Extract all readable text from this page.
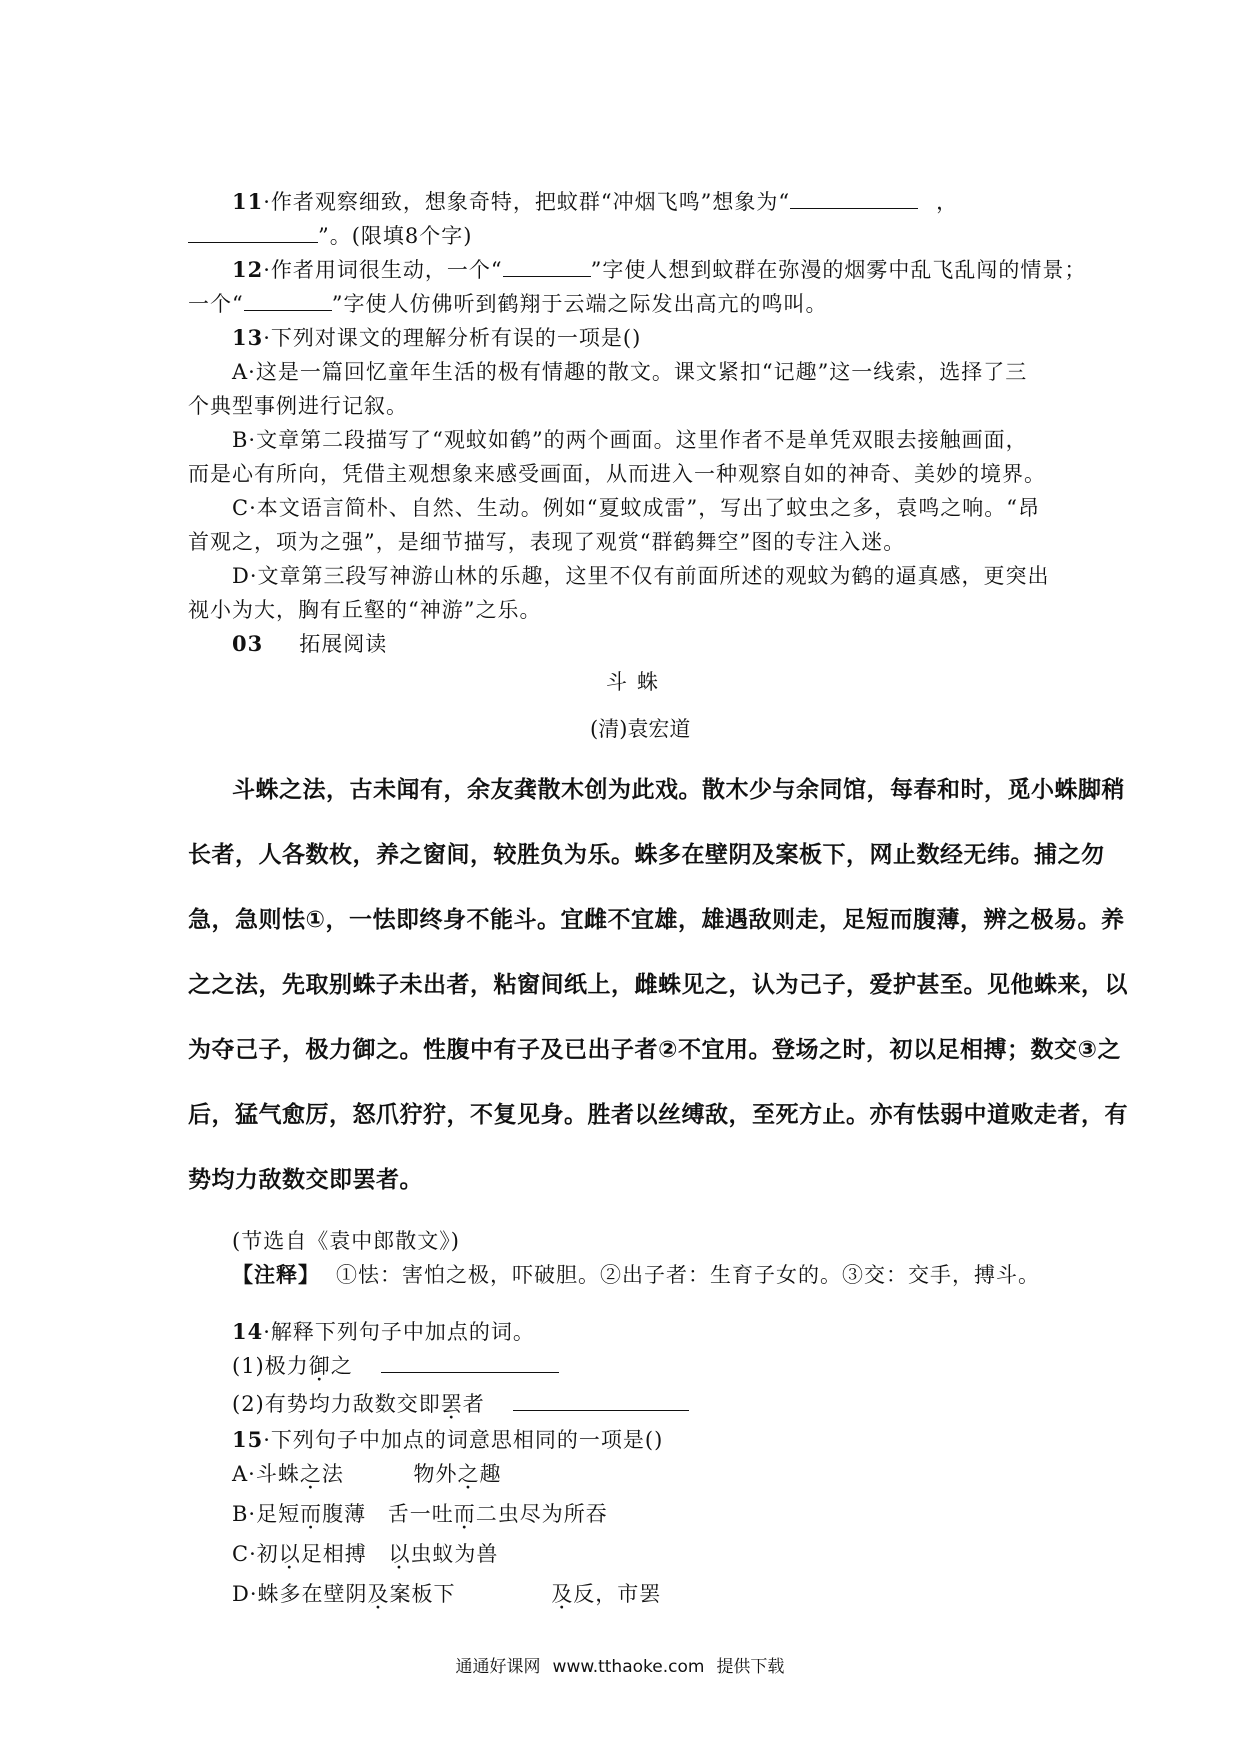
11·作者观察细致，想象奇特，把蚊群“冲烟飞鸣”想象为“	，
”。(限填8个字)
12·作者用词很生动，一个“	”字使人想到蚊群在弥漫的烟雾中乱飞乱闯的情景；
一个“	”字使人仿佛听到鹤翔于云端之际发出高亢的鸣叫。
13·下列对课文的理解分析有误的一项是()
A·这是一篇回忆童年生活的极有情趣的散文。课文紧扣“记趣”这一线索，选择了三
个典型事例进行记叙。
B·文章第二段描写了“观蚊如鹤”的两个画面。这里作者不是单凭双眼去接触画面，
而是心有所向，凭借主观想象来感受画面，从而进入一种观察自如的神奇、美妙的境界。
C·本文语言简朴、自然、生动。例如“夏蚊成雷”，写出了蚊虫之多，袁鸣之响。“昂
首观之，项为之强”，是细节描写，表现了观赏“群鹤舞空”图的专注入迷。
D·文章第三段写神游山林的乐趣，这里不仅有前面所述的观蚊为鹤的逼真感，更突出
视小为大，胸有丘壑的“神游”之乐。
03 拓展阅读
斗蛛
(清)袁宏道
斗蛛之法，古未闻有，余友龚散木创为此戏。散木少与余同馆，每春和时，觅小蛛脚稍
长者，人各数枚，养之窗间，较胜负为乐。蛛多在壁阴及案板下，网止数经无纬。捕之勿
急，急则怯①，一怯即终身不能斗。宜雌不宜雄，雄遇敌则走，足短而腹薄，辨之极易。养
之之法，先取别蛛子未出者，粘窗间纸上，雌蛛见之，认为己子，爱护甚至。见他蛛来，以
为夺己子，极力御之。性腹中有子及已出子者②不宜用。登场之时，初以足相搏；数交③之
后，猛气愈厉，怒爪狞狞，不复见身。胜者以丝缚敌，至死方止。亦有怯弱中道败走者，有
势均力敌数交即罢者。
(节选自《袁中郎散文》)
【注释】 ①怯：害怕之极，吓破胆。②出子者：生育子女的。③交：交手，搏斗。
14·解释下列句子中加点的词。
(1)极力御之
(2)有势均力敌数交即罢者
15·下列句子中加点的词意思相同的一项是()
A·斗蛛之法	物外之趣
B·足短而腹薄 舌一吐而二虫尽为所吞
C·初以足相搏 以虫蚁为兽
D·蛛多在壁阴及案板下	及反，市罢
通通好课网 www.tthaoke.com 提供下载
